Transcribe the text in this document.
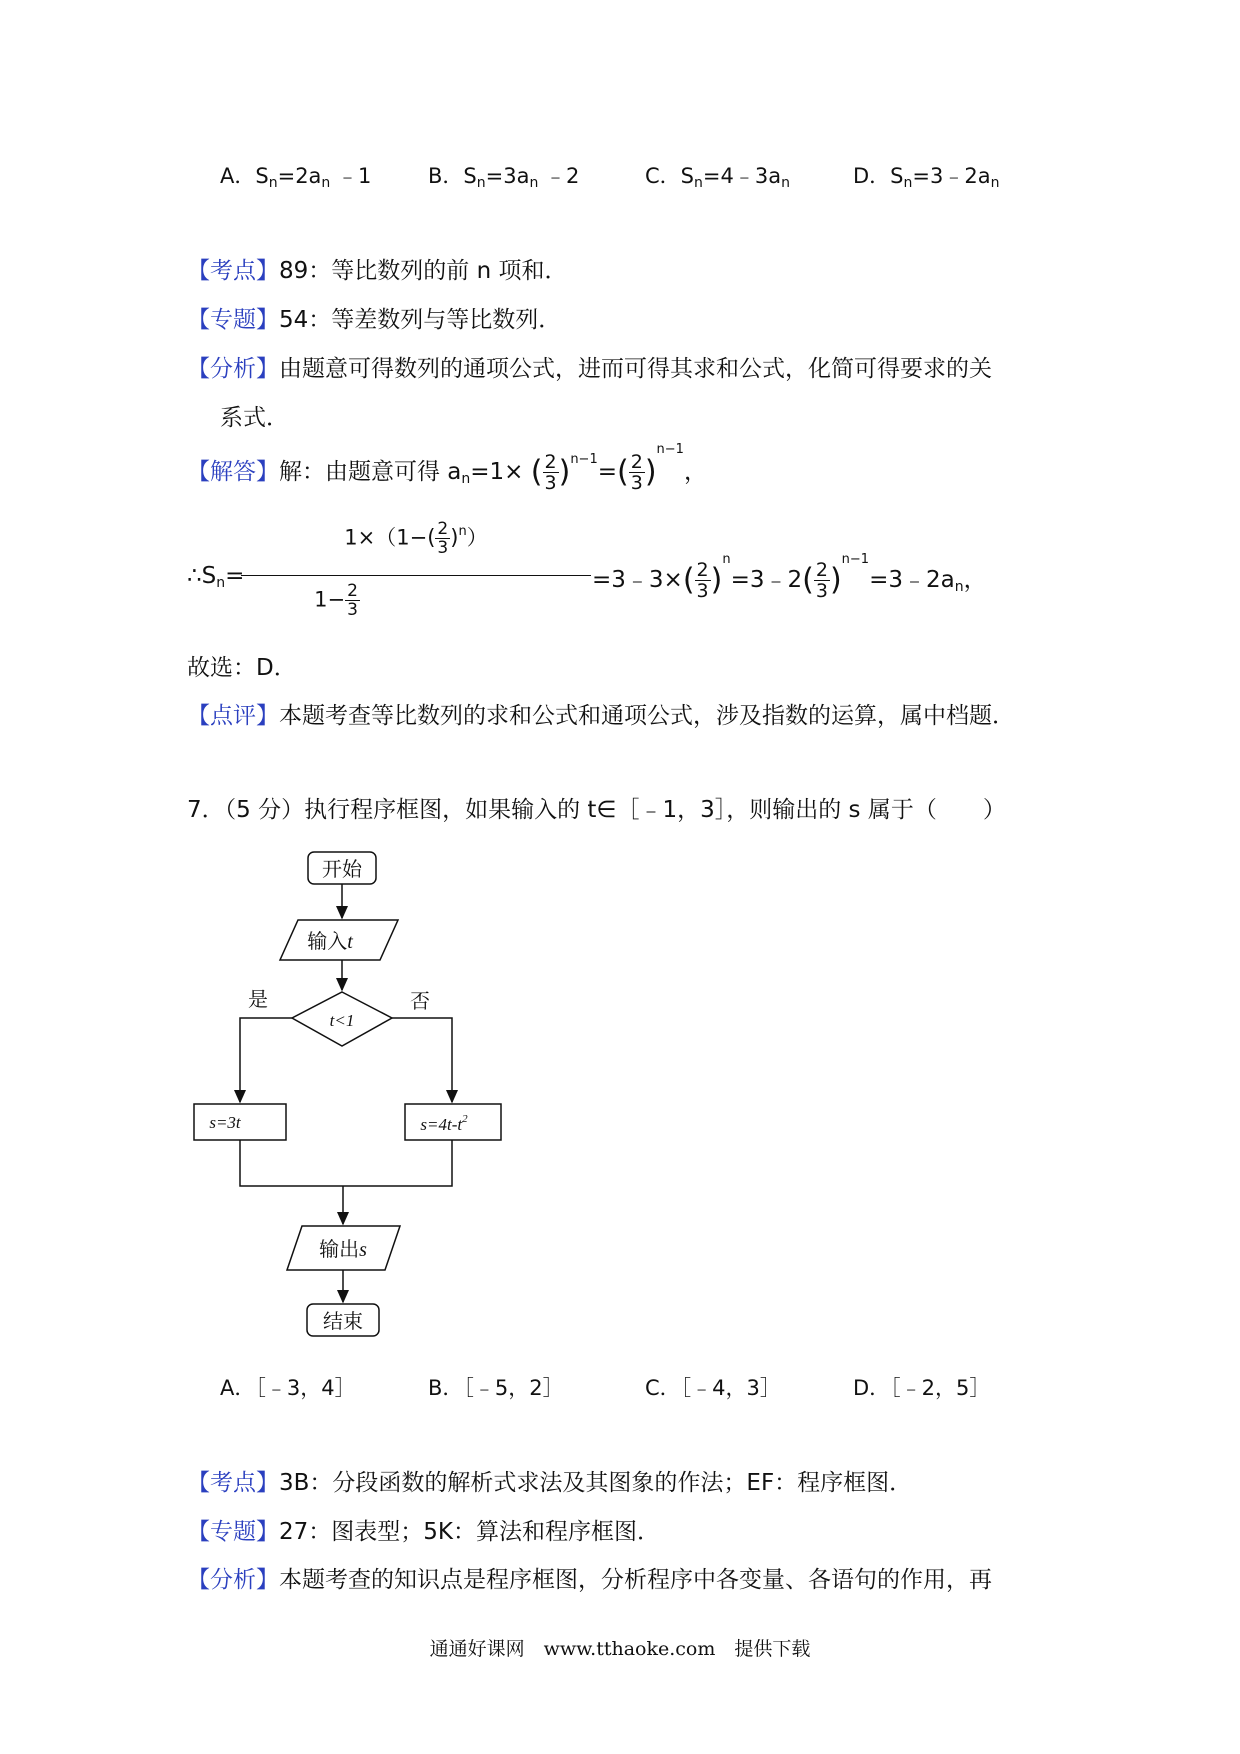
A．$S_n=2a_n$ ﹣1	B．$S_n=3a_n$ ﹣2	C．$S_n=4﹣3a_n$	D．$S_n=3﹣2a_n$
【考点】89：等比数列的前 n 项和．
【专题】54：等差数列与等比数列．
【分析】由题意可得数列的通项公式，进而可得其求和公式，化简可得要求的关
系式．
【解答】解：由题意可得 $a_n=1\times$ ( $\frac{2}{3} )^{n-1}=( \frac{2}{3} )^{n-1}$，
$\therefore S_n=$
$1\times(1-( \frac{2}{3} )^n)$
$1- \frac{2}{3}$
=3﹣3×( $\frac{2}{3}$ )$^n$=3﹣2( $\frac{2}{3}$ )$^{n-1}=3﹣2a_n$，
故选：D．
【点评】本题考查等比数列的求和公式和通项公式，涉及指数的运算，属中档题．
7．（5 分）执行程序框图，如果输入的 t∈［﹣1，3］，则输出的 s 属于（　　）
开始
输入t
t<1
是	否
s=3t	$s=4t-t^2$
输出s
结束
A．［﹣3，4］	B．［﹣5，2］	C．［﹣4，3］	D．［﹣2，5］
【考点】3B：分段函数的解析式求法及其图象的作法；EF：程序框图．
【专题】27：图表型；5K：算法和程序框图．
【分析】本题考查的知识点是程序框图，分析程序中各变量、各语句的作用，再
通通好课网　www.tthaoke.com　提供下载
